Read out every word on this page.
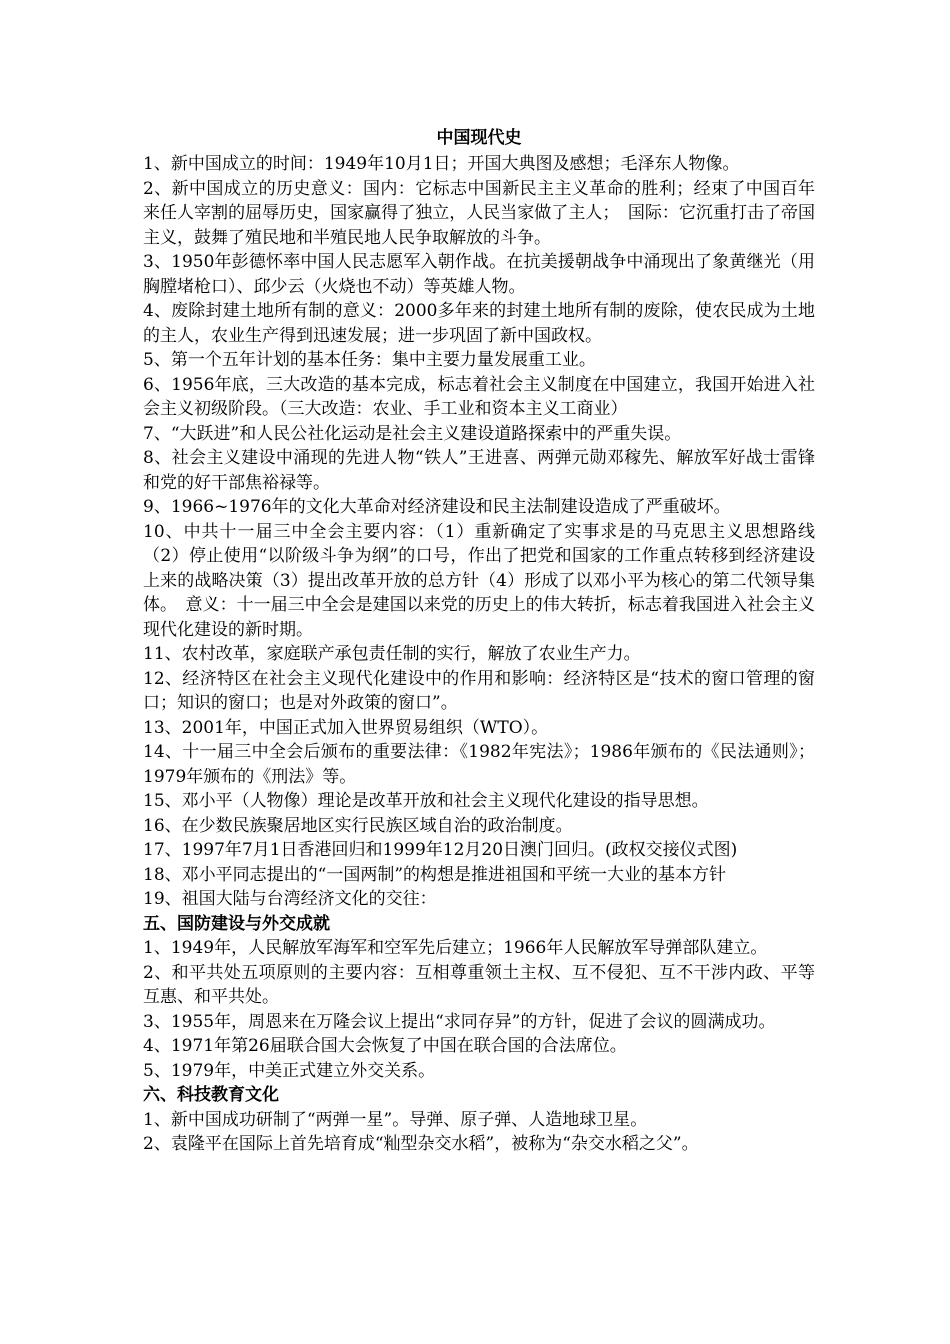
中国现代史

1、新中国成立的时间：1949年10月1日；开国大典图及感想；毛泽东人物像。

2、新中国成立的历史意义：国内：它标志中国新民主主义革命的胜利；经束了中国百年来任人宰割的屈辱历史，国家赢得了独立，人民当家做了主人；　国际：它沉重打击了帝国主义，鼓舞了殖民地和半殖民地人民争取解放的斗争。

3、1950年彭德怀率中国人民志愿军入朝作战。在抗美援朝战争中涌现出了象黄继光（用胸膛堵枪口）、邱少云（火烧也不动）等英雄人物。

4、废除封建土地所有制的意义：2000多年来的封建土地所有制的废除，使农民成为土地的主人，农业生产得到迅速发展；进一步巩固了新中国政权。

5、第一个五年计划的基本任务：集中主要力量发展重工业。

6、1956年底，三大改造的基本完成，标志着社会主义制度在中国建立，我国开始进入社会主义初级阶段。（三大改造：农业、手工业和资本主义工商业）

7、“大跃进”和人民公社化运动是社会主义建设道路探索中的严重失误。

8、社会主义建设中涌现的先进人物“铁人”王进喜、两弹元勋邓稼先、解放军好战士雷锋和党的好干部焦裕禄等。

9、1966~1976年的文化大革命对经济建设和民主法制建设造成了严重破坏。

10、中共十一届三中全会主要内容：（1）重新确定了实事求是的马克思主义思想路线（2）停止使用“以阶级斗争为纲”的口号，作出了把党和国家的工作重点转移到经济建设上来的战略决策（3）提出改革开放的总方针（4）形成了以邓小平为核心的第二代领导集体。　意义：十一届三中全会是建国以来党的历史上的伟大转折，标志着我国进入社会主义现代化建设的新时期。

11、农村改革，家庭联产承包责任制的实行，解放了农业生产力。

12、经济特区在社会主义现代化建设中的作用和影响：经济特区是“技术的窗口管理的窗口；知识的窗口；也是对外政策的窗口”。

13、2001年，中国正式加入世界贸易组织（WTO）。

14、十一届三中全会后颁布的重要法律：《1982年宪法》；1986年颁布的《民法通则》；1979年颁布的《刑法》等。

15、邓小平（人物像）理论是改革开放和社会主义现代化建设的指导思想。

16、在少数民族聚居地区实行民族区域自治的政治制度。

17、1997年7月1日香港回归和1999年12月20日澳门回归。(政权交接仪式图)

18、邓小平同志提出的“一国两制”的构想是推进祖国和平统一大业的基本方针

19、祖国大陆与台湾经济文化的交往：

五、国防建设与外交成就

1、1949年，人民解放军海军和空军先后建立；1966年人民解放军导弹部队建立。

2、和平共处五项原则的主要内容：互相尊重领土主权、互不侵犯、互不干涉内政、平等互惠、和平共处。

3、1955年，周恩来在万隆会议上提出“求同存异”的方针，促进了会议的圆满成功。

4、1971年第26届联合国大会恢复了中国在联合国的合法席位。

5、1979年，中美正式建立外交关系。

六、科技教育文化

1、新中国成功研制了“两弹一星”。导弹、原子弹、人造地球卫星。

2、袁隆平在国际上首先培育成“籼型杂交水稻”，被称为“杂交水稻之父”。
